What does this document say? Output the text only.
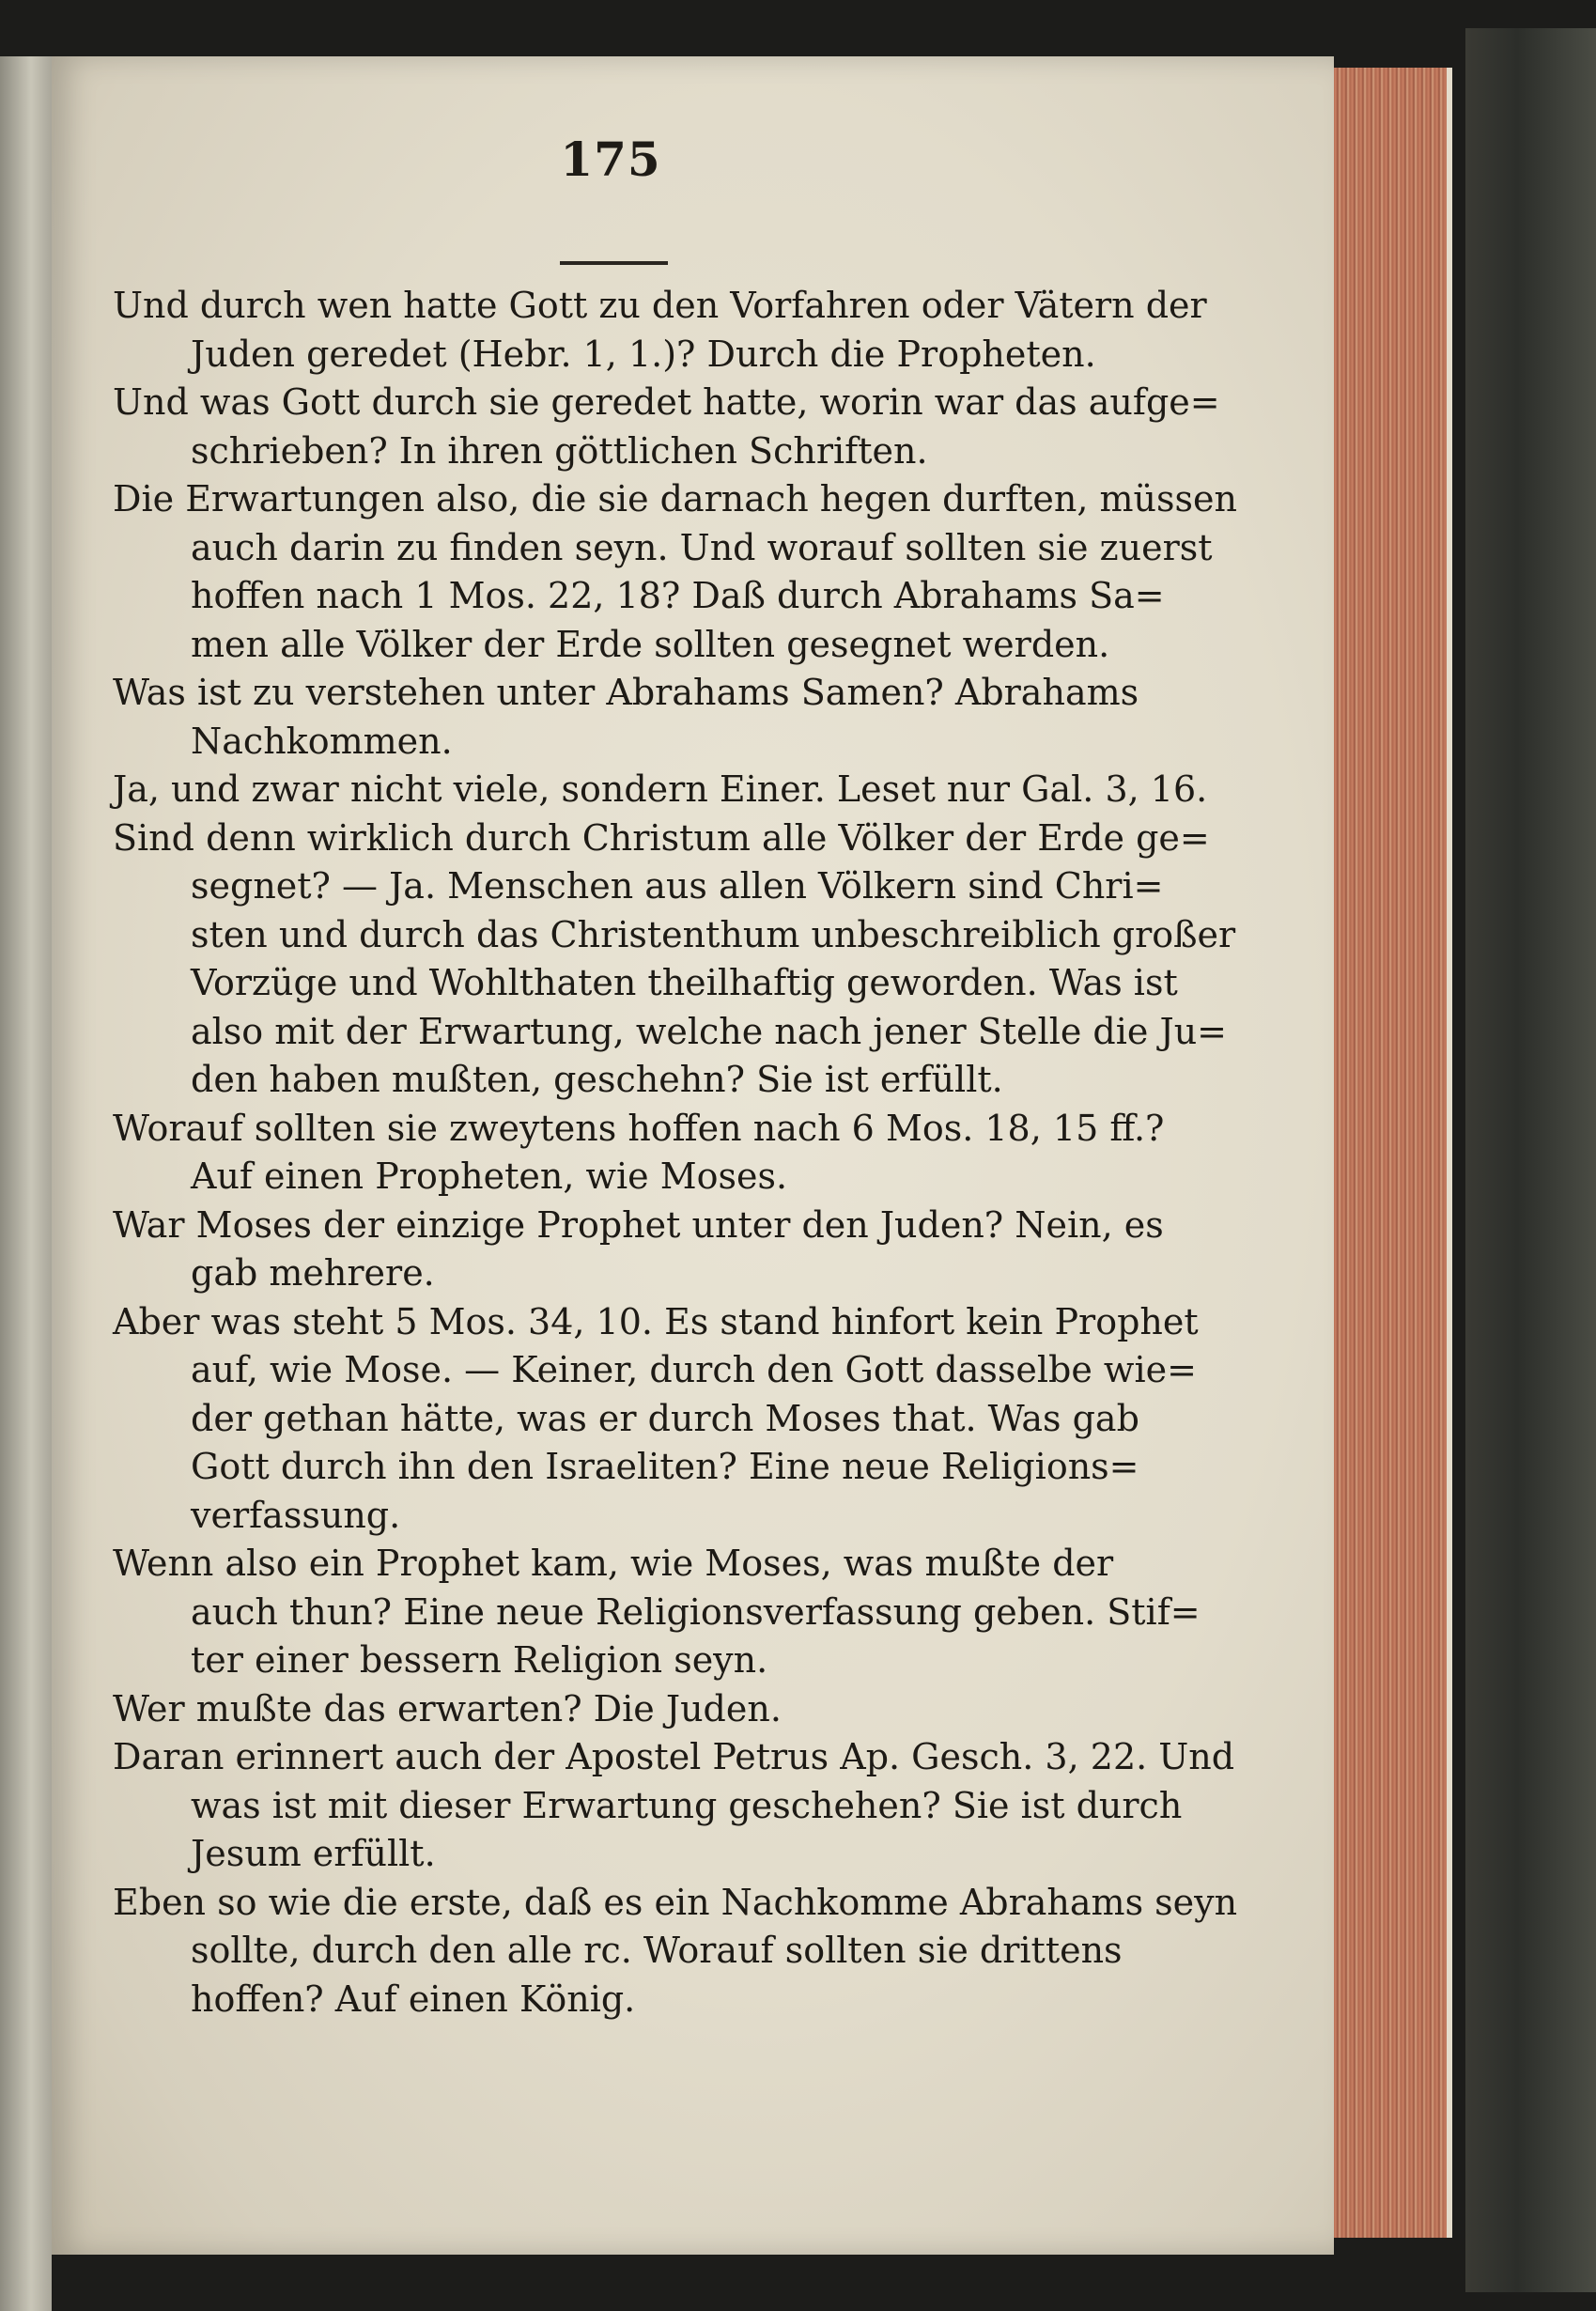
175
Und durch wen hatte Gott zu den Vorfahren oder Vätern der
Juden geredet (Hebr. 1, 1.)? Durch die Propheten.
Und was Gott durch sie geredet hatte, worin war das aufge=
schrieben? In ihren göttlichen Schriften.
Die Erwartungen also, die sie darnach hegen durften, müssen
auch darin zu finden seyn. Und worauf sollten sie zuerst
hoffen nach 1 Mos. 22, 18? Daß durch Abrahams Sa=
men alle Völker der Erde sollten gesegnet werden.
Was ist zu verstehen unter Abrahams Samen? Abrahams
Nachkommen.
Ja, und zwar nicht viele, sondern Einer. Leset nur Gal. 3, 16.
Sind denn wirklich durch Christum alle Völker der Erde ge=
segnet? — Ja. Menschen aus allen Völkern sind Chri=
sten und durch das Christenthum unbeschreiblich großer
Vorzüge und Wohlthaten theilhaftig geworden. Was ist
also mit der Erwartung, welche nach jener Stelle die Ju=
den haben mußten, geschehn? Sie ist erfüllt.
Worauf sollten sie zweytens hoffen nach 6 Mos. 18, 15 ff.?
Auf einen Propheten, wie Moses.
War Moses der einzige Prophet unter den Juden? Nein, es
gab mehrere.
Aber was steht 5 Mos. 34, 10. Es stand hinfort kein Prophet
auf, wie Mose. — Keiner, durch den Gott dasselbe wie=
der gethan hätte, was er durch Moses that. Was gab
Gott durch ihn den Israeliten? Eine neue Religions=
verfassung.
Wenn also ein Prophet kam, wie Moses, was mußte der
auch thun? Eine neue Religionsverfassung geben. Stif=
ter einer bessern Religion seyn.
Wer mußte das erwarten? Die Juden.
Daran erinnert auch der Apostel Petrus Ap. Gesch. 3, 22. Und
was ist mit dieser Erwartung geschehen? Sie ist durch
Jesum erfüllt.
Eben so wie die erste, daß es ein Nachkomme Abrahams seyn
sollte, durch den alle rc. Worauf sollten sie drittens
hoffen? Auf einen König.
